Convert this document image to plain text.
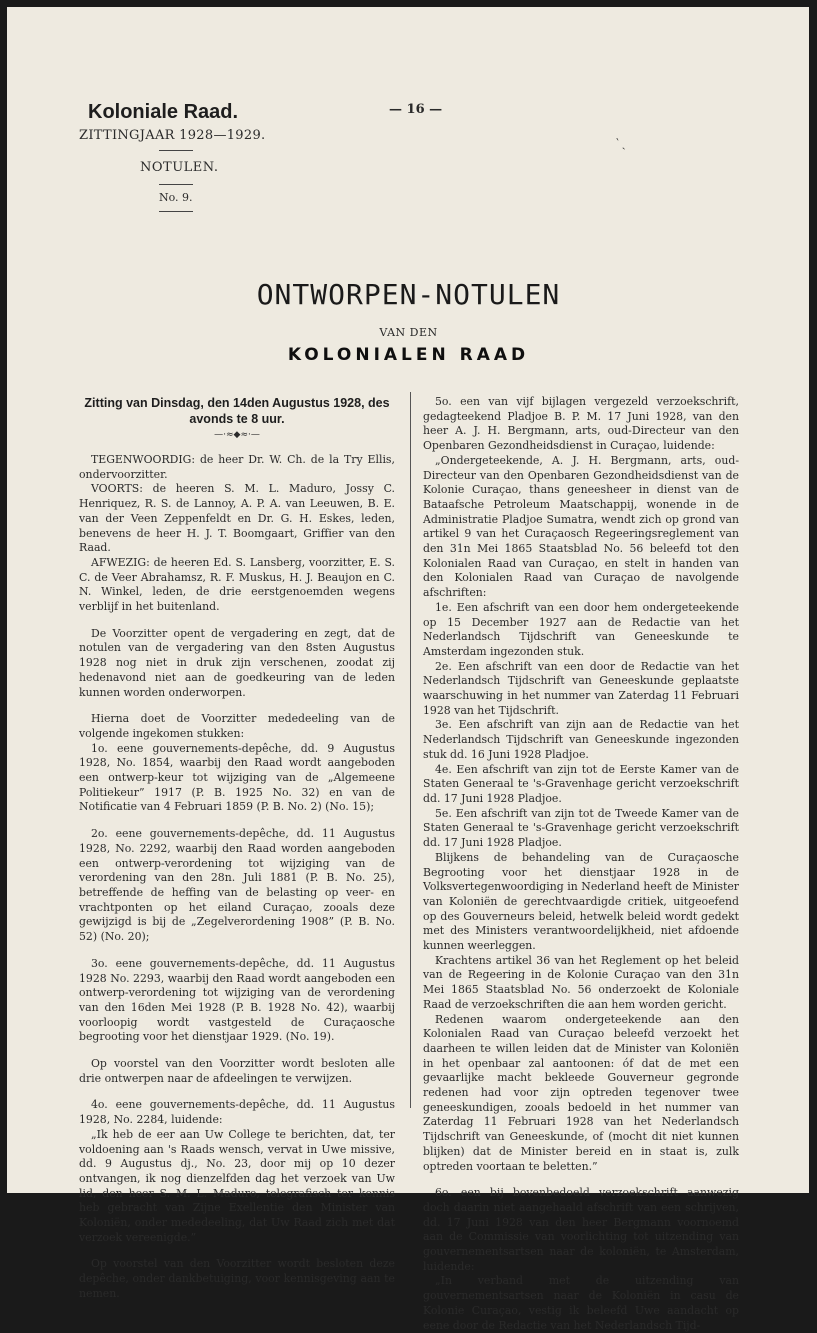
Koloniale Raad.
ZITTINGJAAR 1928—1929.
NOTULEN.
No. 9.
— 16 —
‵ ˎ
ONTWORPEN-NOTULEN
VAN DEN
KOLONIALEN RAAD
Zitting van Dinsdag, den 14den Augustus 1928, des avonds te 8 uur.
—·≈◆≈·—

TEGENWOORDIG: de heer Dr. W. Ch. de la Try Ellis, ondervoorzitter.

VOORTS: de heeren S. M. L. Maduro, Jossy C. Henriquez, R. S. de Lannoy, A. P. A. van Leeuwen, B. E. van der Veen Zeppenfeldt en Dr. G. H. Eskes, leden, benevens de heer H. J. T. Boomgaart, Griffier van den Raad.

AFWEZIG: de heeren Ed. S. Lansberg, voorzitter, E. S. C. de Veer Abrahamsz, R. F. Muskus, H. J. Beaujon en C. N. Winkel, leden, de drie eerstgenoemden wegens verblijf in het buitenland.

De Voorzitter opent de vergadering en zegt, dat de notulen van de vergadering van den 8sten Augustus 1928 nog niet in druk zijn verschenen, zoodat zij hedenavond niet aan de goedkeuring van de leden kunnen worden onderworpen.

Hierna doet de Voorzitter mededeeling van de volgende ingekomen stukken:

1o. eene gouvernements-depêche, dd. 9 Augustus 1928, No. 1854, waarbij den Raad wordt aangeboden een ontwerp-keur tot wijziging van de „Algemeene Politiekeur” 1917 (P. B. 1925 No. 32) en van de Notificatie van 4 Februari 1859 (P. B. No. 2) (No. 15);

2o. eene gouvernements-depêche, dd. 11 Augustus 1928, No. 2292, waarbij den Raad worden aangeboden een ontwerp-verordening tot wijziging van de verordening van den 28n. Juli 1881 (P. B. No. 25), betreffende de heffing van de belasting op veer- en vrachtponten op het eiland Curaçao, zooals deze gewijzigd is bij de „Zegelverordening 1908” (P. B. No. 52) (No. 20);

3o. eene gouvernements-depêche, dd. 11 Augustus 1928 No. 2293, waarbij den Raad wordt aangeboden een ontwerp-verordening tot wijziging van de verordening van den 16den Mei 1928 (P. B. 1928 No. 42), waarbij voorloopig wordt vastgesteld de Curaçaosche begrooting voor het dienstjaar 1929. (No. 19).

Op voorstel van den Voorzitter wordt besloten alle drie ontwerpen naar de afdeelingen te verwijzen.

4o. eene gouvernements-depêche, dd. 11 Augustus 1928, No. 2284, luidende:

„Ik heb de eer aan Uw College te berichten, dat, ter voldoening aan 's Raads wensch, vervat in Uwe missive, dd. 9 Augustus dj., No. 23, door mij op 10 dezer ontvangen, ik nog dienzelfden dag het verzoek van Uw lid, den heer S. M. L. Maduro, telegrafisch ter kennis heb gebracht van Zijne Exellentie den Minister van Koloniën, onder mededeeling, dat Uw Raad zich met dat verzoek vereenigde.”

Op voorstel van den Voorzitter wordt besloten deze depêche, onder dankbetuiging, voor kennisgeving aan te nemen.

5o. een van vijf bijlagen vergezeld verzoekschrift, gedagteekend Pladjoe B. P. M. 17 Juni 1928, van den heer A. J. H. Bergmann, arts, oud-Directeur van den Openbaren Gezondheidsdienst in Curaçao, luidende:

„Ondergeteekende, A. J. H. Bergmann, arts, oud-Directeur van den Openbaren Gezondheidsdienst van de Kolonie Curaçao, thans geneesheer in dienst van de Bataafsche Petroleum Maatschappij, wonende in de Administratie Pladjoe Sumatra, wendt zich op grond van artikel 9 van het Curaçaosch Regeeringsreglement van den 31n Mei 1865 Staatsblad No. 56 beleefd tot den Kolonialen Raad van Curaçao, en stelt in handen van den Kolonialen Raad van Curaçao de navolgende afschriften:

1e. Een afschrift van een door hem ondergeteekende op 15 December 1927 aan de Redactie van het Nederlandsch Tijdschrift van Geneeskunde te Amsterdam ingezonden stuk.

2e. Een afschrift van een door de Redactie van het Nederlandsch Tijdschrift van Geneeskunde geplaatste waarschuwing in het nummer van Zaterdag 11 Februari 1928 van het Tijdschrift.

3e. Een afschrift van zijn aan de Redactie van het Nederlandsch Tijdschrift van Geneeskunde ingezonden stuk dd. 16 Juni 1928 Pladjoe.

4e. Een afschrift van zijn tot de Eerste Kamer van de Staten Generaal te 's-Gravenhage gericht verzoekschrift dd. 17 Juni 1928 Pladjoe.

5e. Een afschrift van zijn tot de Tweede Kamer van de Staten Generaal te 's-Gravenhage gericht verzoekschrift dd. 17 Juni 1928 Pladjoe.

Blijkens de behandeling van de Curaçaosche Begrooting voor het dienstjaar 1928 in de Volksvertegenwoordiging in Nederland heeft de Minister van Koloniën de gerechtvaardigde critiek, uitgeoefend op des Gouverneurs beleid, hetwelk beleid wordt gedekt met des Ministers verantwoordelijkheid, niet afdoende kunnen weerleggen.

Krachtens artikel 36 van het Reglement op het beleid van de Regeering in de Kolonie Curaçao van den 31n Mei 1865 Staatsblad No. 56 onderzoekt de Koloniale Raad de verzoekschriften die aan hem worden gericht.

Redenen waarom ondergeteekende aan den Kolonialen Raad van Curaçao beleefd verzoekt het daarheen te willen leiden dat de Minister van Koloniën in het openbaar zal aantoonen: óf dat de met een gevaarlijke macht bekleede Gouverneur gegronde redenen had voor zijn optreden tegenover twee geneeskundigen, zooals bedoeld in het nummer van Zaterdag 11 Februari 1928 van het Nederlandsch Tijdschrift van Geneeskunde, of (mocht dit niet kunnen blijken) dat de Minister bereid en in staat is, zulk optreden voortaan te beletten.”

6o. een bij bovenbedoeld verzoekschrift aanwezig doch daarin niet aangehaald afschrift van een schrijven, dd. 17 Juni 1928 van den heer Bergmann voornoemd aan de Commissie van voorlichting tot uitzending van gouvernementsartsen naar de koloniën, te Amsterdam, luidende:

„In verband met de uitzending van gouvernementsartsen naar de Koloniën in casu de Kolonie Curaçao, vestig ik beleefd Uwe aandacht op eene door de Redactie van het Nederlandsch Tijd-
